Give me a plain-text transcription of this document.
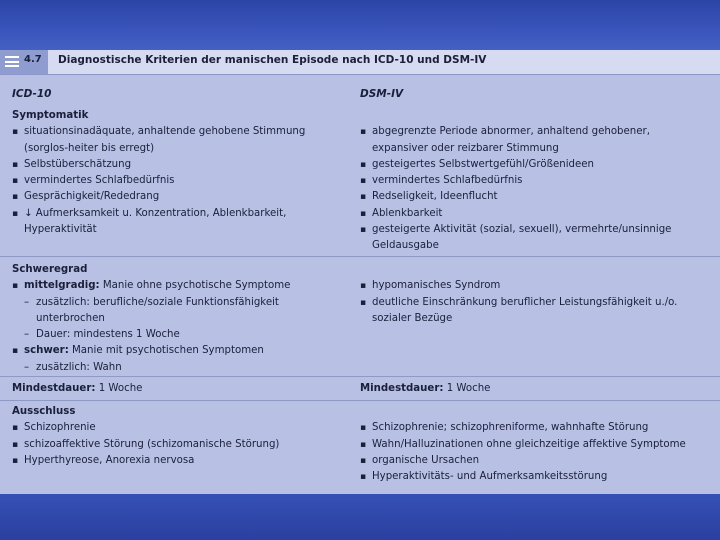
4.7 Diagnostische Kriterien der manischen Episode nach ICD-10 und DSM-IV
ICD-10	DSM-IV
Symptomatik
▪ situationsinadäquate, anhaltende gehobene Stimmung
(sorglos-heiter bis erregt)
▪ Selbstüberschätzung
▪ vermindertes Schlafbedürfnis
▪ Gesprächigkeit/Rededrang
▪ ↓ Aufmerksamkeit u. Konzentration, Ablenkbarkeit,
Hyperaktivität
▪ abgegrenzte Periode abnormer, anhaltend gehobener,
expansiver oder reizbarer Stimmung
▪ gesteigertes Selbstwertgefühl/Größenideen
▪ vermindertes Schlafbedürfnis
▪ Redseligkeit, Ideenflucht
▪ Ablenkbarkeit
▪ gesteigerte Aktivität (sozial, sexuell), vermehrte/unsinnige
Geldausgabe
Schweregrad
▪ mittelgradig: Manie ohne psychotische Symptome
– zusätzlich: berufliche/soziale Funktionsfähigkeit
unterbrochen
– Dauer: mindestens 1 Woche
▪ schwer: Manie mit psychotischen Symptomen
– zusätzlich: Wahn
▪ hypomanisches Syndrom
▪ deutliche Einschränkung beruflicher Leistungsfähigkeit u./o.
sozialer Bezüge
Mindestdauer: 1 Woche	Mindestdauer: 1 Woche
Ausschluss
▪ Schizophrenie
▪ schizoaffektive Störung (schizomanische Störung)
▪ Hyperthyreose, Anorexia nervosa
▪ Schizophrenie; schizophreniforme, wahnhafte Störung
▪ Wahn/Halluzinationen ohne gleichzeitige affektive Symptome
▪ organische Ursachen
▪ Hyperaktivitäts- und Aufmerksamkeitsstörung
